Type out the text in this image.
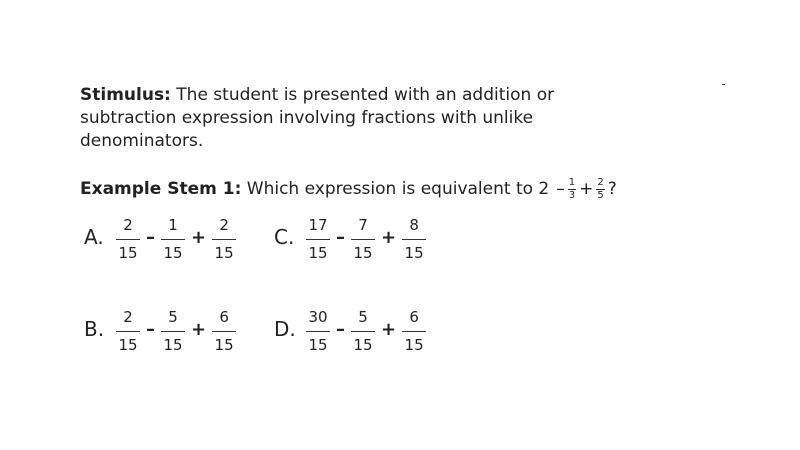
Stimulus: The student is presented with an addition or subtraction expression involving fractions with unlike denominators.
Example Stem 1: Which expression is equivalent to $2 - \frac{1}{3} + \frac{2}{5}$ ?
A. $\frac{2}{15} - \frac{1}{15} + \frac{2}{15} C$. $\frac{17}{15} - \frac{7}{15} + \frac{8}{15}$
B. $\frac{2}{15} - \frac{5}{15} + \frac{6}{15} D$. $\frac{30}{15} - \frac{5}{15} + \frac{6}{15}$
